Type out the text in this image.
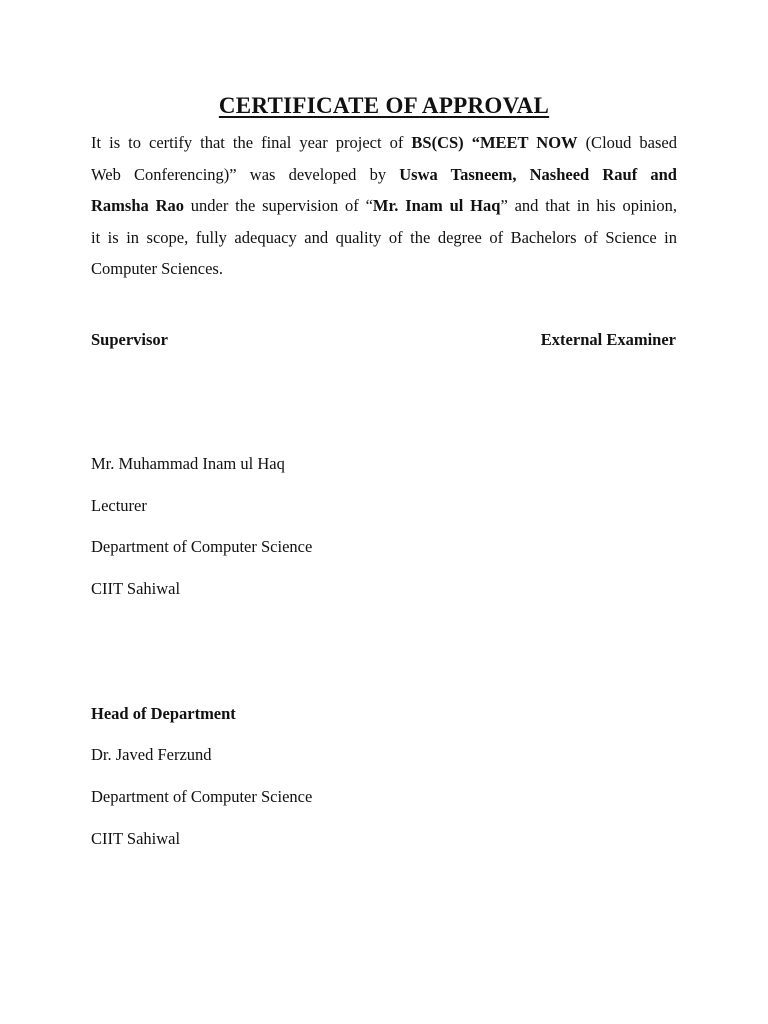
CERTIFICATE OF APPROVAL
It is to certify that the final year project of BS(CS) “MEET NOW (Cloud based
Web Conferencing)” was developed by Uswa Tasneem, Nasheed Rauf and
Ramsha Rao under the supervision of “Mr. Inam ul Haq” and that in his opinion,
it is in scope, fully adequacy and quality of the degree of Bachelors of Science in
Computer Sciences.
Supervisor	External Examiner
Mr. Muhammad Inam ul Haq
Lecturer
Department of Computer Science
CIIT Sahiwal
Head of Department
Dr. Javed Ferzund
Department of Computer Science
CIIT Sahiwal
